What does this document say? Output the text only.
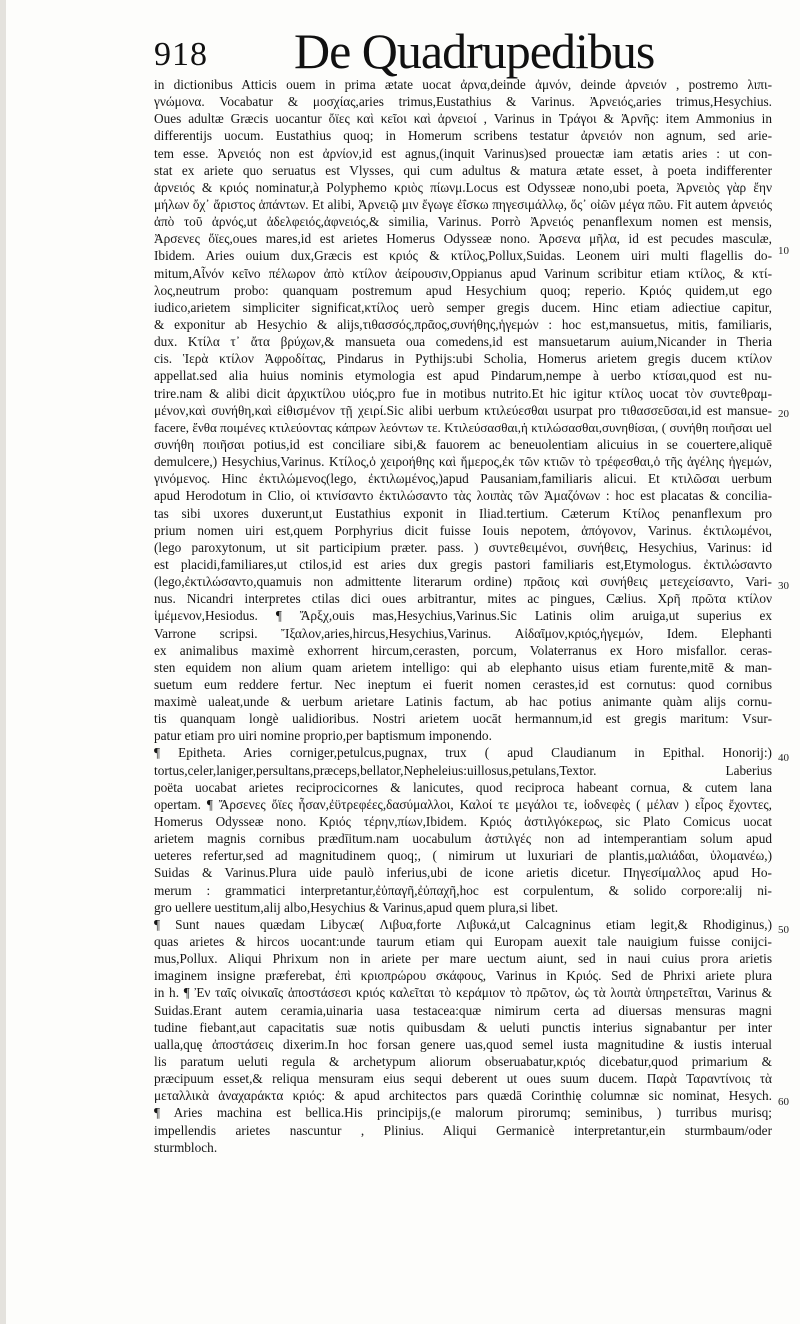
918 De Quadrupedibus
in dictionibus Atticis ouem in prima ætate uocat ἀρνα,deinde ἀμνόν, deinde ἀρνειόν , postremo λιπι-
γνώμονα. Vocabatur & μοσχίας,aries trimus,Eustathius & Varinus. Ἀρνειός,aries trimus,Hesychius.
Oues adultæ Græcis uocantur ὄϊες καὶ κεῖοι καὶ ἀρνειοί , Varinus in Τράγοι & Ἀρνῆς: item Ammonius in
differentijs uocum. Eustathius quoq; in Homerum scribens testatur ἀρνειόν non agnum, sed arie-
tem esse. Ἀρνειός non est ἀρνίον,id est agnus,(inquit Varinus)sed prouectæ iam ætatis aries : ut con-
stat ex ariete quo seruatus est Vlysses, qui cum adultus & matura ætate esset, à poeta indifferenter
ἀρνειός & κριός nominatur,à Polyphemo κριὸς πίωνμ.Locus est Odysseæ nono,ubi poeta, Ἀρνειὸς γὰρ ἔην
μήλων ὄχ᾽ ἄριστος ἁπάντων. Et alibi, Ἀρνειῷ μιν ἔγωγε ἐΐσκω πηγεσιμάλλῳ, ὅς᾽ οἰῶν μέγα πῶυ. Fit autem ἀρνειός
ἀπὸ τοῦ ἀρνός,ut ἀδελφειός,ἀφνειός,& similia, Varinus. Porrò Ἀρνειός penanflexum nomen est mensis,
Ἀρσενες ὄϊες,oues mares,id est arietes Homerus Odysseæ nono. Ἀρσενα μῆλα, id est pecudes masculæ,
Ibidem. Aries ouium dux,Græcis est κριός & κτίλος,Pollux,Suidas. Leonem uiri multi flagellis do-
mitum,Αἶνόν κεῖνο πέλωρον ἀπὸ κτίλον ἀείρουσιν,Oppianus apud Varinum scribitur etiam κτίλος, & κτί-
λος,neutrum probo: quanquam postremum apud Hesychium quoq; reperio. Κριός quidem,ut ego
iudico,arietem simpliciter significat,κτίλος uerò semper gregis ducem. Hinc etiam adiectiue capitur,
& exponitur ab Hesychio & alijs,τιθασσός,πρᾶος,συνήθης,ἡγεμών : hoc est,mansuetus, mitis, familiaris,
dux. Κτίλα τ᾽ ἄτα βρύχων,& mansueta oua comedens,id est mansuetarum auium,Nicander in Theria
cis. Ἱερὰ κτίλον Ἀφροδίτας, Pindarus in Pythijs:ubi Scholia, Homerus arietem gregis ducem κτίλον
appellat.sed alia huius nominis etymologia est apud Pindarum,nempe à uerbo κτίσαι,quod est nu-
trire.nam & alibi dicit ἀρχικτίλου υἱός,pro fue in motibus nutrito.Et hic igitur κτίλος uocat τὸν συντεθραμ-
μένον,καὶ συνήθη,καὶ εἰθισμένον τῇ χειρί.Sic alibi uerbum κτιλεύεσθαι usurpat pro τιθασσεῦσαι,id est mansue-
facere, ἔνθα ποιμένες κτιλεύοντας κάπρων λεόντων τε. Κτιλεύσασθαι,ἡ κτιλώσασθαι,συνηθίσαι, ( συνήθη ποιῆσαι uel
συνήθη ποιῆσαι potius,id est conciliare sibi,& fauorem ac beneuolentiam alicuius in se couertere,aliquē
demulcere,) Hesychius,Varinus. Κτίλος,ὁ χειροήθης καὶ ἥμερος,ἐκ τῶν κτιῶν τὸ τρέφεσθαι,ὁ τῆς ἀγέλης ἡγεμών,
γινόμενος. Hinc ἐκτιλώμενος(lego, ἐκτιλωμένος,)apud Pausaniam,familiaris alicui. Et κτιλῶσαι uerbum
apud Herodotum in Clio, οἱ κτινίσαντο ἐκτιλώσαντο τὰς λοιπὰς τῶν Ἀμαζόνων : hoc est placatas & concilia-
tas sibi uxores duxerunt,ut Eustathius exponit in Iliad.tertium. Cæterum Κτίλος penanflexum pro
prium nomen uiri est,quem Porphyrius dicit fuisse Iouis nepotem, ἀπόγονον, Varinus. ἐκτιλωμένοι,
(lego paroxytonum, ut sit participium præter. pass. ) συντεθειμένοι, συνήθεις, Hesychius, Varinus: id
est placidi,familiares,ut ctilos,id est aries dux gregis pastori familiaris est,Etymologus. ἐκτιλώσαντο
(lego,ἐκτιλώσαντο,quamuis non admittente literarum ordine) πρᾶοις καὶ συνήθεις μετεχείσαντο, Vari-
nus. Nicandri interpretes ctilas dici oues arbitrantur, mites ac pingues, Cælius. Χρῆ πρῶτα κτίλον
ἱμέμενον,Hesiodus. ¶ Ἄρξχ,ouis mas,Hesychius,Varinus.Sic Latinis olim aruiga,ut superius ex
Varrone scripsi. Ἴξαλον,aries,hircus,Hesychius,Varinus. Αἰδαῖμον,κριός,ἡγεμών, Idem. Elephanti
ex animalibus maximè exhorrent hircum,cerasten, porcum, Volaterranus ex Horo misfallor. ceras-
sten equidem non alium quam arietem intelligo: qui ab elephanto uisus etiam furente,mitē & man-
suetum eum reddere fertur. Nec ineptum ei fuerit nomen cerastes,id est cornutus: quod cornibus
maximè ualeat,unde & uerbum arietare Latinis factum, ab hac potius animante quàm alijs cornu-
tis quanquam longè ualidioribus. Nostri arietem uocāt hermannum,id est gregis maritum: Vsur-
patur etiam pro uiri nomine proprio,per baptismum imponendo.
¶ Epitheta. Aries corniger,petulcus,pugnax, trux ( apud Claudianum in Epithal. Honorij:)
tortus,celer,laniger,persultans,præceps,bellator,Nepheleius:uillosus,petulans,Textor. Laberius
poëta uocabat arietes reciprocicornes & lanicutes, quod reciproca habeant cornua, & cutem lana
opertam. ¶ Ἄρσενες ὄϊες ἦσαν,ἐϋτρεφέες,δασύμαλλοι, Καλοί τε μεγάλοι τε, ἰοδνεφὲς ( μέλαν ) εἶρος ἔχοντες,
Homerus Odysseæ nono. Κριός τέρην,πίων,Ibidem. Κριός ἀστιλγόκερως, sic Plato Comicus uocat
arietem magnis cornibus prædīitum.nam uocabulum ἀστιλγές non ad intemperantiam solum apud
ueteres refertur,sed ad magnitudinem quoq;, ( nimirum ut luxuriari de plantis,μαλιάδαι, ὑλομανέω,)
Suidas & Varinus.Plura uide paulò inferius,ubi de icone arietis dicetur. Πηγεσίμαλλος apud Ho-
merum : grammatici interpretantur,ἐὐπαγῆ,ἐὐπαχῆ,hoc est corpulentum, & solido corpore:alij ni-
gro uellere uestitum,alij albo,Hesychius & Varinus,apud quem plura,si libet.
¶ Sunt naues quædam Libycæ( Λιβυα,forte Λιβυκά,ut Calcagninus etiam legit,& Rhodiginus,)
quas arietes & hircos uocant:unde taurum etiam qui Europam auexit tale nauigium fuisse conijci-
mus,Pollux. Aliqui Phrixum non in ariete per mare uectum aiunt, sed in naui cuius prora arietis
imaginem insigne præferebat, ἐπὶ κριοπρώρου σκάφους, Varinus in Κριός. Sed de Phrixi ariete plura
in h. ¶ Ἐν ταῖς οἰνικαῖς ἀποστάσεσι κριός καλεῖται τὸ κεράμιον τὸ πρῶτον, ὡς τὰ λοιπὰ ὑπηρετεῖται, Varinus &
Suidas.Erant autem ceramia,uinaria uasa testacea:quæ nimirum certa ad diuersas mensuras magni
tudine fiebant,aut capacitatis suæ notis quibusdam & ueluti punctis interius signabantur per inter
ualla,quę ἀποστάσεις dixerim.In hoc forsan genere uas,quod semel iusta magnitudine & iustis interual
lis paratum ueluti regula & archetypum aliorum obseruabatur,κριός dicebatur,quod primarium &
præcipuum esset,& reliqua mensuram eius sequi deberent ut oues suum ducem. Παρὰ Ταραντίνοις τὰ
μεταλλικὰ ἀναχαράκτα κριός: & apud architectos pars quædā Corinthię columnæ sic nominat, Hesych.
¶ Aries machina est bellica.His principijs,(e malorum pirorumq; seminibus, ) turribus murisq;
impellendis arietes nascuntur , Plinius. Aliqui Germanicè interpretantur,ein sturmbaum/oder
sturmbloch.
10
20
30
40
50
60
